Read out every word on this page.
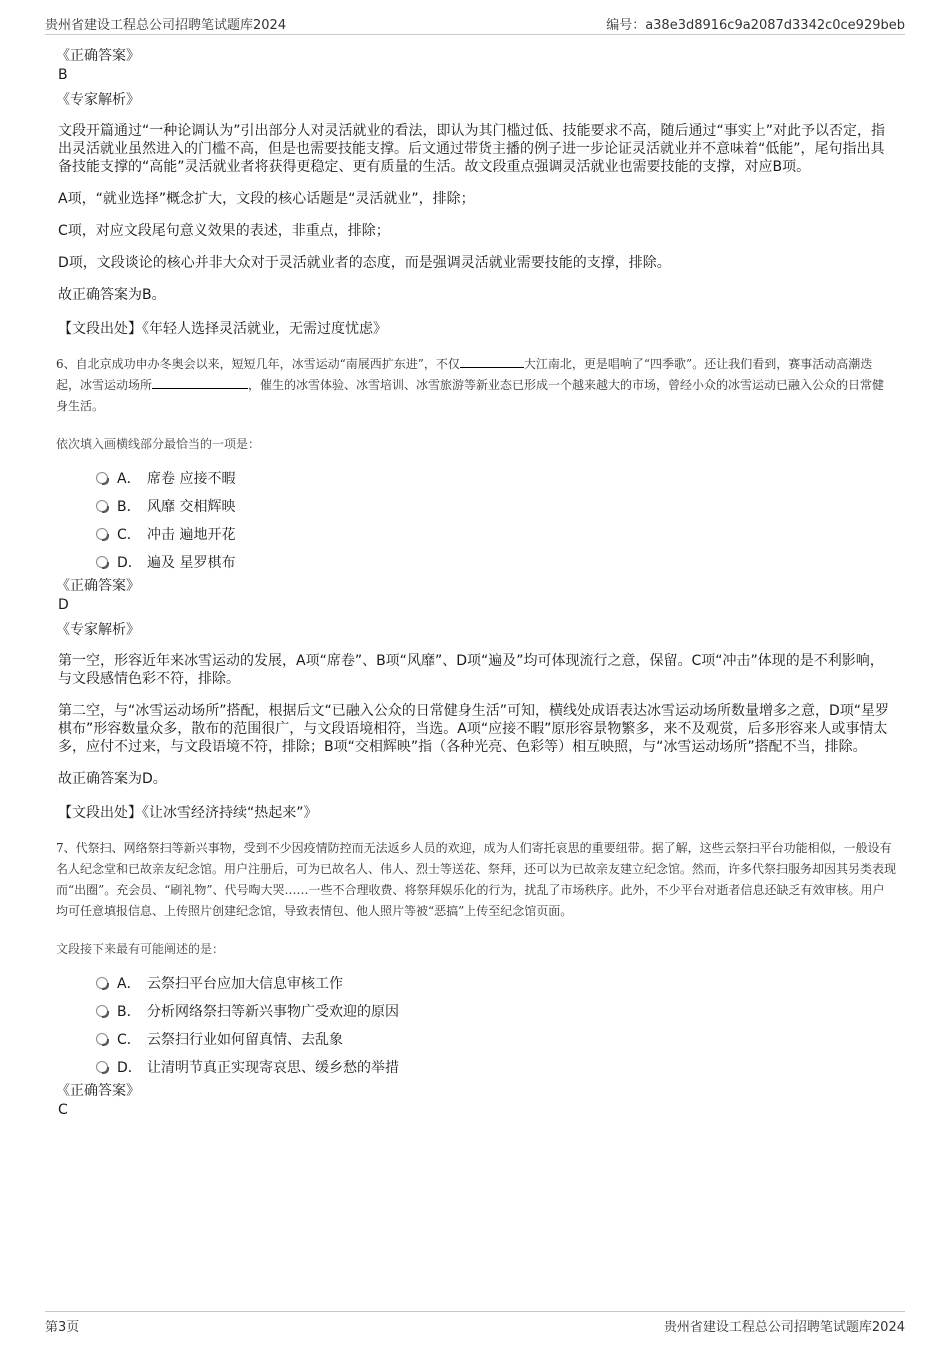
贵州省建设工程总公司招聘笔试题库2024	编号：a38e3d8916c9a2087d3342c0ce929beb
《正确答案》
B
《专家解析》
文段开篇通过“一种论调认为”引出部分人对灵活就业的看法，即认为其门槛过低、技能要求不高，随后通过“事实上”对此予以否定，指出灵活就业虽然进入的门槛不高，但是也需要技能支撑。后文通过带货主播的例子进一步论证灵活就业并不意味着“低能”，尾句指出具备技能支撑的“高能”灵活就业者将获得更稳定、更有质量的生活。故文段重点强调灵活就业也需要技能的支撑，对应B项。
A项，“就业选择”概念扩大，文段的核心话题是“灵活就业”，排除；
C项，对应文段尾句意义效果的表述，非重点，排除；
D项，文段谈论的核心并非大众对于灵活就业者的态度，而是强调灵活就业需要技能的支撑，排除。
故正确答案为B。
【文段出处】《年轻人选择灵活就业，无需过度忧虑》
6、自北京成功申办冬奥会以来，短短几年，冰雪运动“南展西扩东进”，不仅	大江南北，更是唱响了“四季歌”。还让我们看到，赛事活动高潮迭起，冰雪运动场所	，催生的冰雪体验、冰雪培训、冰雪旅游等新业态已形成一个越来越大的市场，曾经小众的冰雪运动已融入公众的日常健身生活。
依次填入画横线部分最恰当的一项是：
A． 席卷 应接不暇
B． 风靡 交相辉映
C． 冲击 遍地开花
D． 遍及 星罗棋布
《正确答案》
D
《专家解析》
第一空，形容近年来冰雪运动的发展，A项“席卷”、B项“风靡”、D项“遍及”均可体现流行之意，保留。C项“冲击”体现的是不利影响，与文段感情色彩不符，排除。
第二空，与“冰雪运动场所”搭配，根据后文“已融入公众的日常健身生活”可知，横线处成语表达冰雪运动场所数量增多之意，D项“星罗棋布”形容数量众多，散布的范围很广，与文段语境相符，当选。A项“应接不暇”原形容景物繁多，来不及观赏，后多形容来人或事情太多，应付不过来，与文段语境不符，排除；B项“交相辉映”指（各种光亮、色彩等）相互映照，与“冰雪运动场所”搭配不当，排除。
故正确答案为D。
【文段出处】《让冰雪经济持续“热起来”》
7、代祭扫、网络祭扫等新兴事物，受到不少因疫情防控而无法返乡人员的欢迎，成为人们寄托哀思的重要纽带。据了解，这些云祭扫平台功能相似，一般设有名人纪念堂和已故亲友纪念馆。用户注册后，可为已故名人、伟人、烈士等送花、祭拜，还可以为已故亲友建立纪念馆。然而，许多代祭扫服务却因其另类表现而“出圈”。充会员、“刷礼物”、代号啕大哭……一些不合理收费、将祭拜娱乐化的行为，扰乱了市场秩序。此外，不少平台对逝者信息还缺乏有效审核。用户均可任意填报信息、上传照片创建纪念馆，导致表情包、他人照片等被“恶搞”上传至纪念馆页面。
文段接下来最有可能阐述的是：
A． 云祭扫平台应加大信息审核工作
B． 分析网络祭扫等新兴事物广受欢迎的原因
C． 云祭扫行业如何留真情、去乱象
D． 让清明节真正实现寄哀思、缓乡愁的举措
《正确答案》
C
第3页	贵州省建设工程总公司招聘笔试题库2024
